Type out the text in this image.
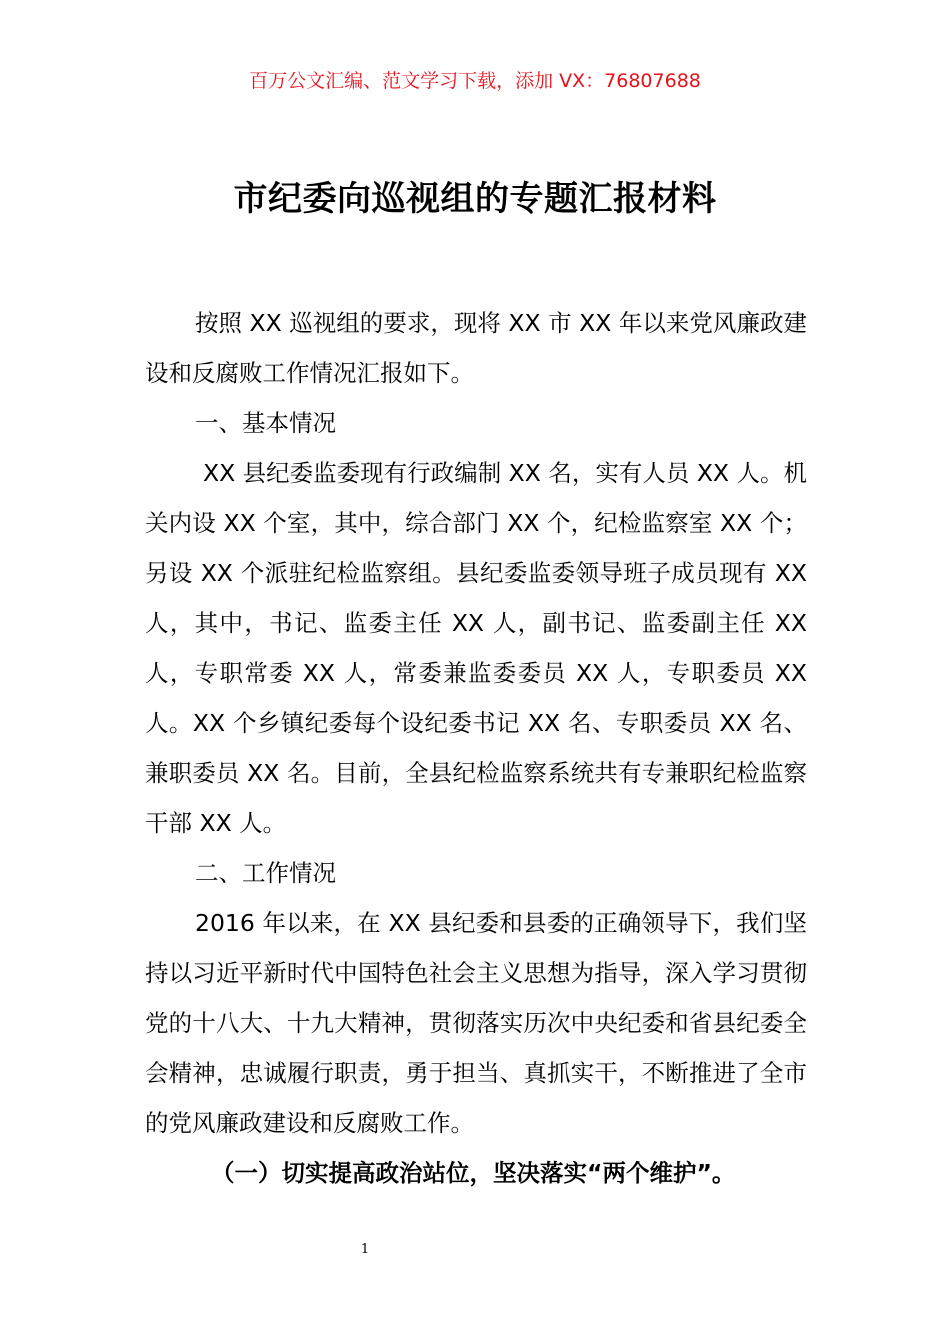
百万公文汇编、范文学习下载，添加 VX：76807688
市纪委向巡视组的专题汇报材料

按照 XX 巡视组的要求，现将 XX 市 XX 年以来党风廉政建设和反腐败工作情况汇报如下。

一、基本情况

XX 县纪委监委现有行政编制 XX 名，实有人员 XX 人。机关内设 XX 个室，其中，综合部门 XX 个，纪检监察室 XX 个；另设 XX 个派驻纪检监察组。县纪委监委领导班子成员现有 XX 人，其中，书记、监委主任 XX 人，副书记、监委副主任 XX 人，专职常委 XX 人，常委兼监委委员 XX 人，专职委员 XX 人。XX 个乡镇纪委每个设纪委书记 XX 名、专职委员 XX 名、兼职委员 XX 名。目前，全县纪检监察系统共有专兼职纪检监察干部 XX 人。

二、工作情况

2016 年以来，在 XX 县纪委和县委的正确领导下，我们坚持以习近平新时代中国特色社会主义思想为指导，深入学习贯彻党的十八大、十九大精神，贯彻落实历次中央纪委和省县纪委全会精神，忠诚履行职责，勇于担当、真抓实干，不断推进了全市的党风廉政建设和反腐败工作。

（一）切实提高政治站位，坚决落实“两个维护”。

1
